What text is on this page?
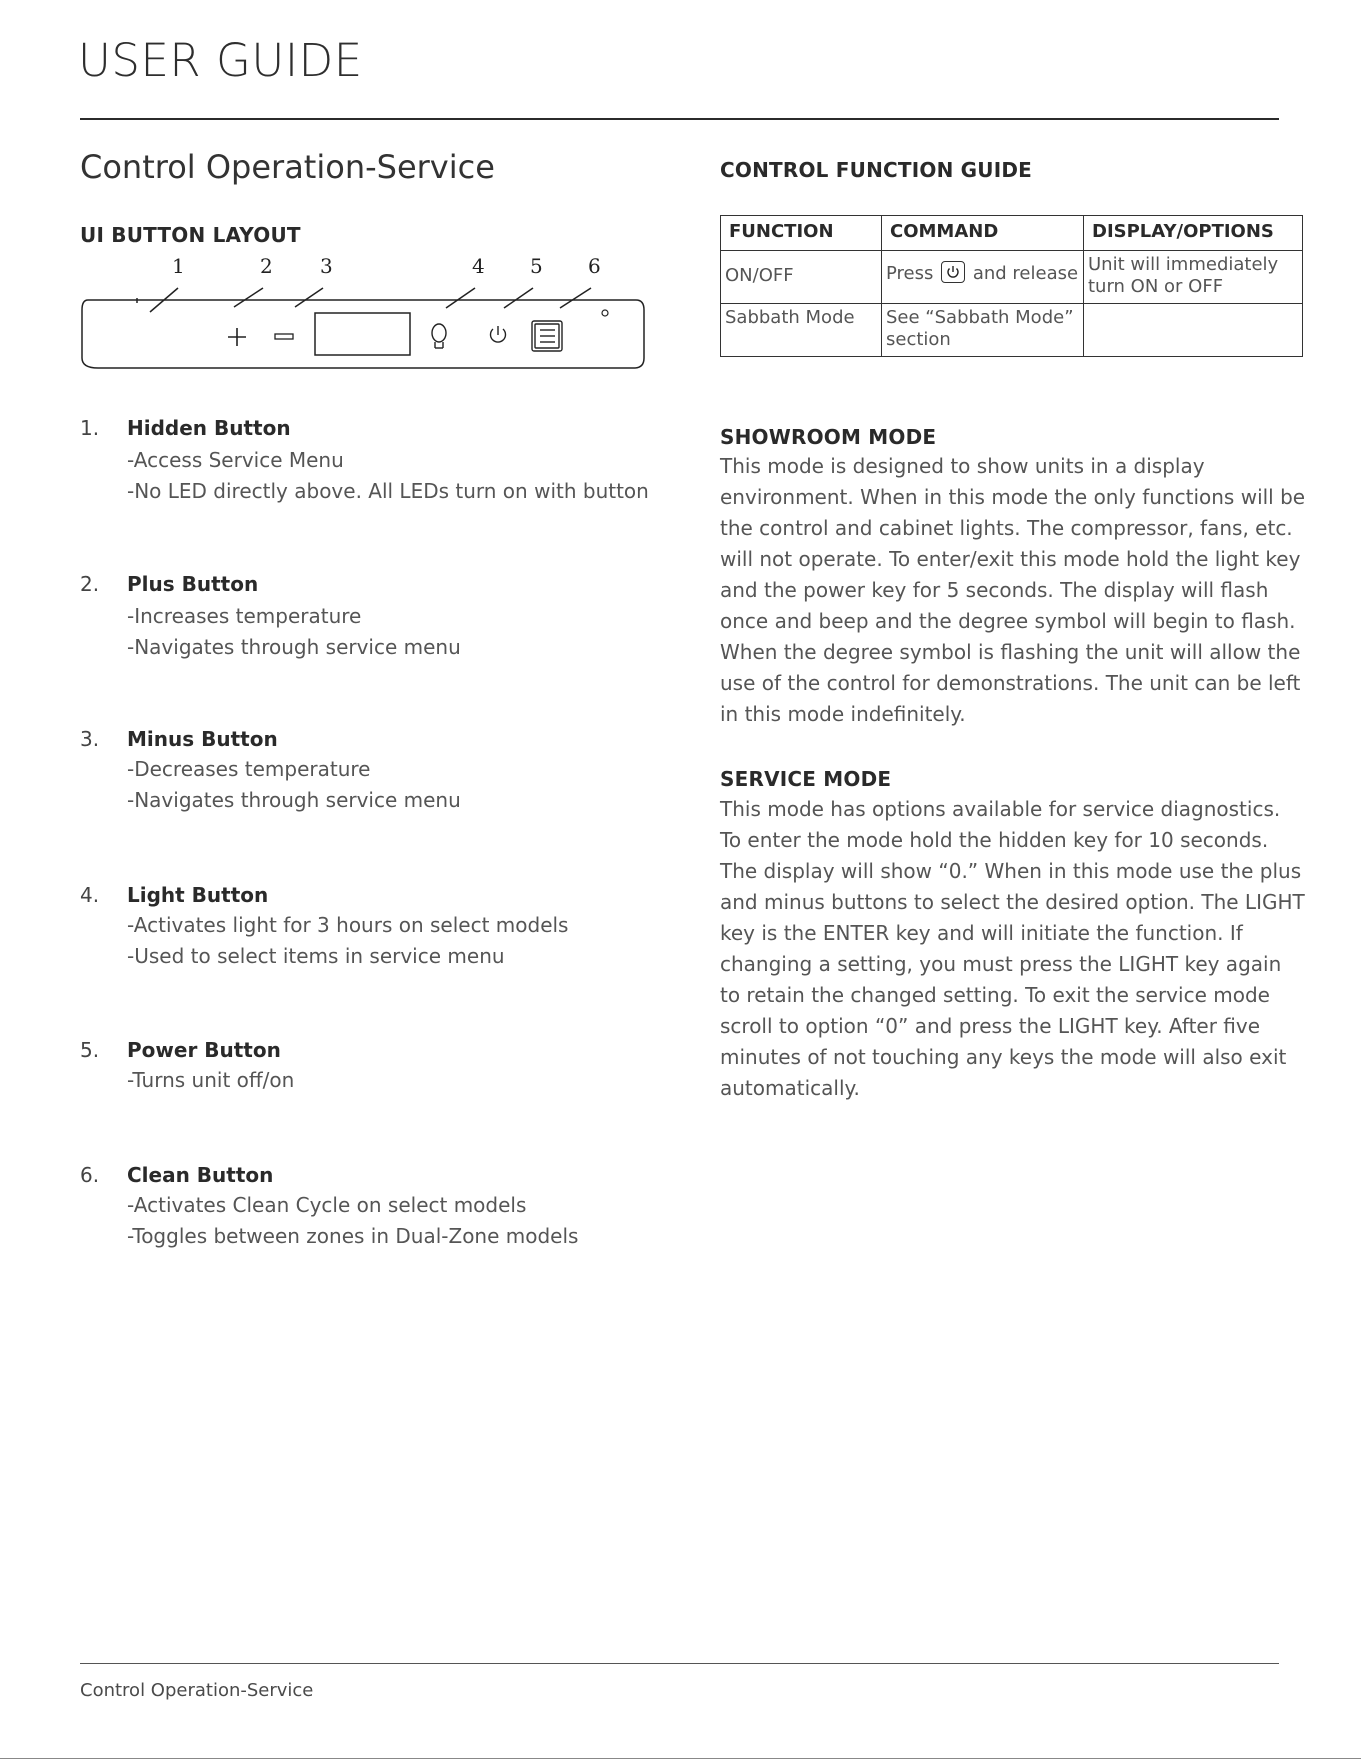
USER GUIDE
Control Operation-Service
UI BUTTON LAYOUT
1	2 3	4 5 6
1. Hidden Button
-Access Service Menu
-No LED directly above. All LEDs turn on with button
2. Plus Button
-Increases temperature
-Navigates through service menu
3. Minus Button
-Decreases temperature
-Navigates through service menu
4. Light Button
-Activates light for 3 hours on select models
-Used to select items in service menu
5. Power Button
-Turns unit off/on
6. Clean Button
-Activates Clean Cycle on select models
-Toggles between zones in Dual-Zone models
CONTROL FUNCTION GUIDE
FUNCTION	COMMAND	DISPLAY/OPTIONS

ON/OFF	Press and release	Unit will immediately
turn ON or OFF

Sabbath Mode	See “Sabbath Mode”
section	

SHOWROOM MODE
This mode is designed to show units in a display
environment. When in this mode the only functions will be
the control and cabinet lights. The compressor, fans, etc.
will not operate. To enter/exit this mode hold the light key
and the power key for 5 seconds. The display will flash
once and beep and the degree symbol will begin to flash.
When the degree symbol is flashing the unit will allow the
use of the control for demonstrations. The unit can be left
in this mode indefinitely.
SERVICE MODE
This mode has options available for service diagnostics.
To enter the mode hold the hidden key for 10 seconds.
The display will show “0.” When in this mode use the plus
and minus buttons to select the desired option. The LIGHT
key is the ENTER key and will initiate the function. If
changing a setting, you must press the LIGHT key again
to retain the changed setting. To exit the service mode
scroll to option “0” and press the LIGHT key. After five
minutes of not touching any keys the mode will also exit
automatically.
Control Operation-Service
